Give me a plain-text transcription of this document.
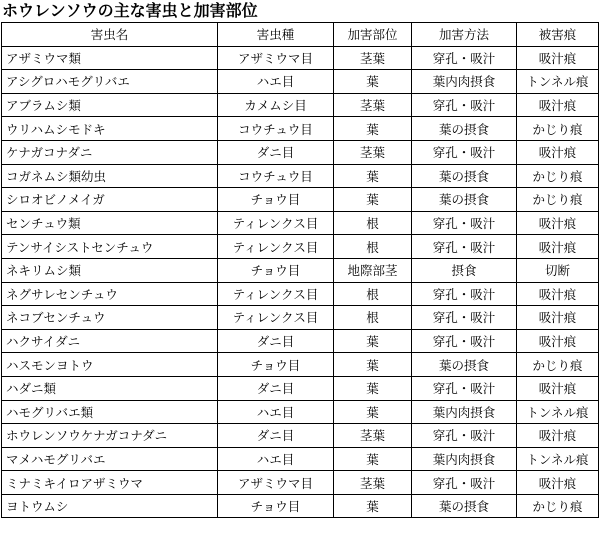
ホウレンソウの主な害虫と加害部位
害虫名	害虫種	加害部位	加害方法	被害痕
アザミウマ類	アザミウマ目	茎葉	穿孔・吸汁	吸汁痕
アシグロハモグリバエ	ハエ目	葉	葉内肉摂食	トンネル痕
アブラムシ類	カメムシ目	茎葉	穿孔・吸汁	吸汁痕
ウリハムシモドキ	コウチュウ目	葉	葉の摂食	かじり痕
ケナガコナダニ	ダニ目	茎葉	穿孔・吸汁	吸汁痕
コガネムシ類幼虫	コウチュウ目	葉	葉の摂食	かじり痕
シロオビノメイガ	チョウ目	葉	葉の摂食	かじり痕
センチュウ類	ティレンクス目	根	穿孔・吸汁	吸汁痕
テンサイシストセンチュウ	ティレンクス目	根	穿孔・吸汁	吸汁痕
ネキリムシ類	チョウ目	地際部茎	摂食	切断
ネグサレセンチュウ	ティレンクス目	根	穿孔・吸汁	吸汁痕
ネコブセンチュウ	ティレンクス目	根	穿孔・吸汁	吸汁痕
ハクサイダニ	ダニ目	葉	穿孔・吸汁	吸汁痕
ハスモンヨトウ	チョウ目	葉	葉の摂食	かじり痕
ハダニ類	ダニ目	葉	穿孔・吸汁	吸汁痕
ハモグリバエ類	ハエ目	葉	葉内肉摂食	トンネル痕
ホウレンソウケナガコナダニ	ダニ目	茎葉	穿孔・吸汁	吸汁痕
マメハモグリバエ	ハエ目	葉	葉内肉摂食	トンネル痕
ミナミキイロアザミウマ	アザミウマ目	茎葉	穿孔・吸汁	吸汁痕
ヨトウムシ	チョウ目	葉	葉の摂食	かじり痕
